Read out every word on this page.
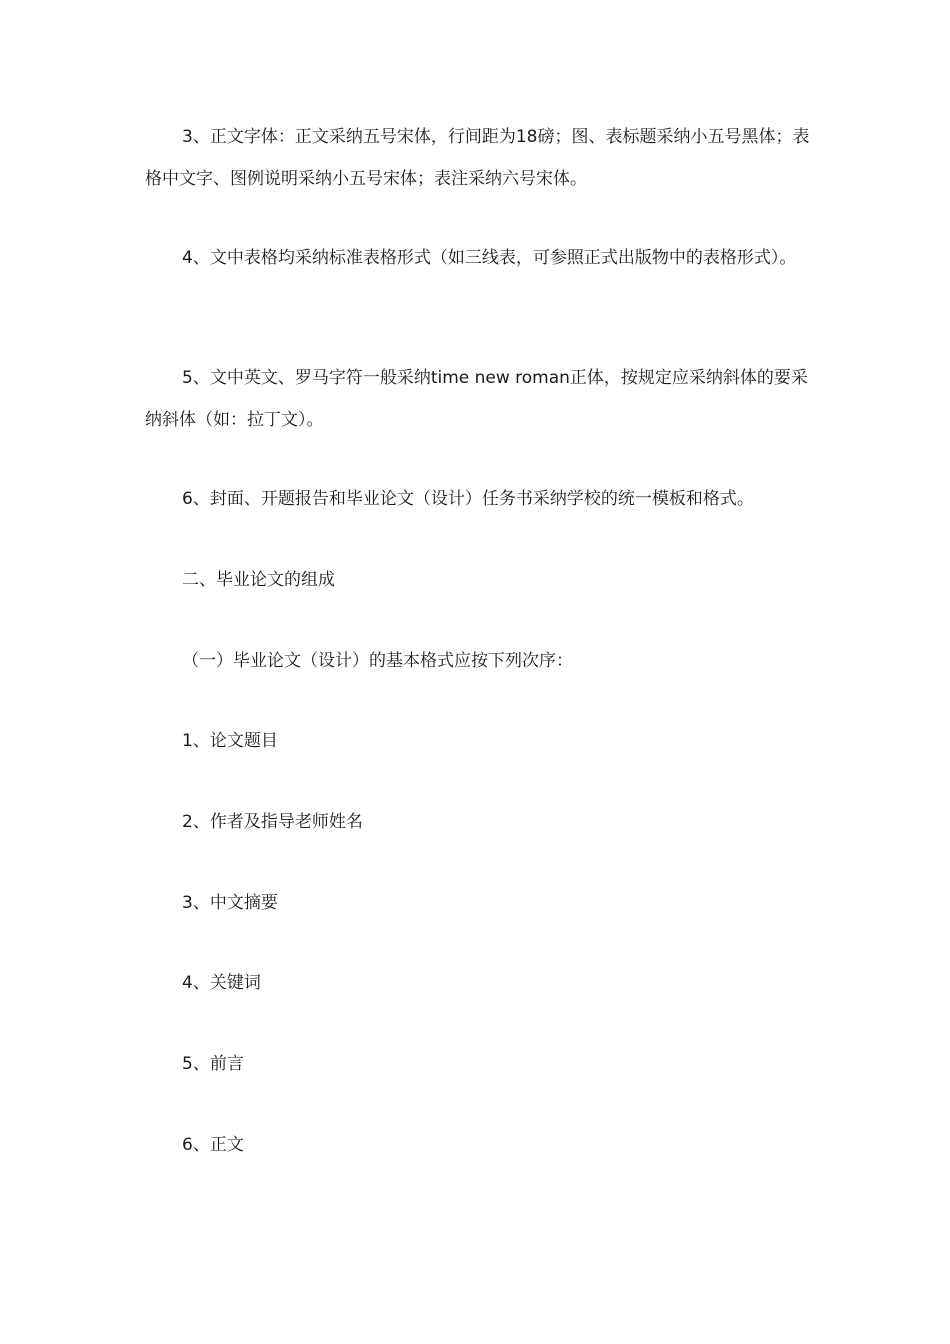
3、正文字体：正文采纳五号宋体，行间距为18磅；图、表标题采纳小五号黑体；表格中文字、图例说明采纳小五号宋体；表注采纳六号宋体。

4、文中表格均采纳标准表格形式（如三线表，可参照正式出版物中的表格形式）。

5、文中英文、罗马字符一般采纳time new roman正体，按规定应采纳斜体的要采纳斜体（如：拉丁文）。

6、封面、开题报告和毕业论文（设计）任务书采纳学校的统一模板和格式。

二、毕业论文的组成

（一）毕业论文（设计）的基本格式应按下列次序：

1、论文题目

2、作者及指导老师姓名

3、中文摘要

4、关键词

5、前言

6、正文
